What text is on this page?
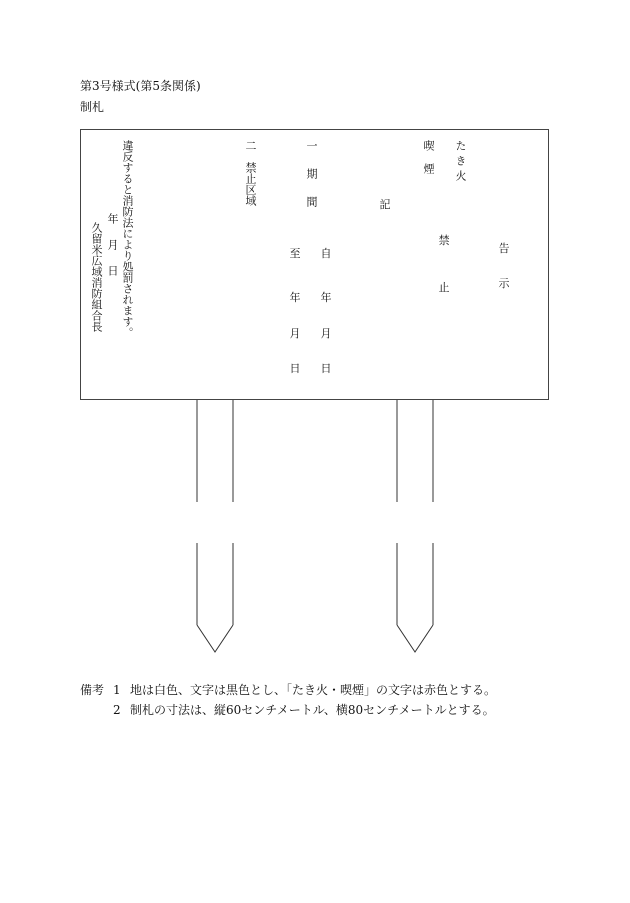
第3号様式(第5条関係)
制札
告
示
たき火
喫煙
禁
止
記
一　期　間
自
年
月
日
至
年
月
日
二　禁止区域
違反すると消防法により処罰されます。
年　月　日
久留米広域消防組合長
備考 1 地は白色、文字は黒色とし、「たき火・喫煙」の文字は赤色とする。
2 制札の寸法は、縦60センチメートル、横80センチメートルとする。
